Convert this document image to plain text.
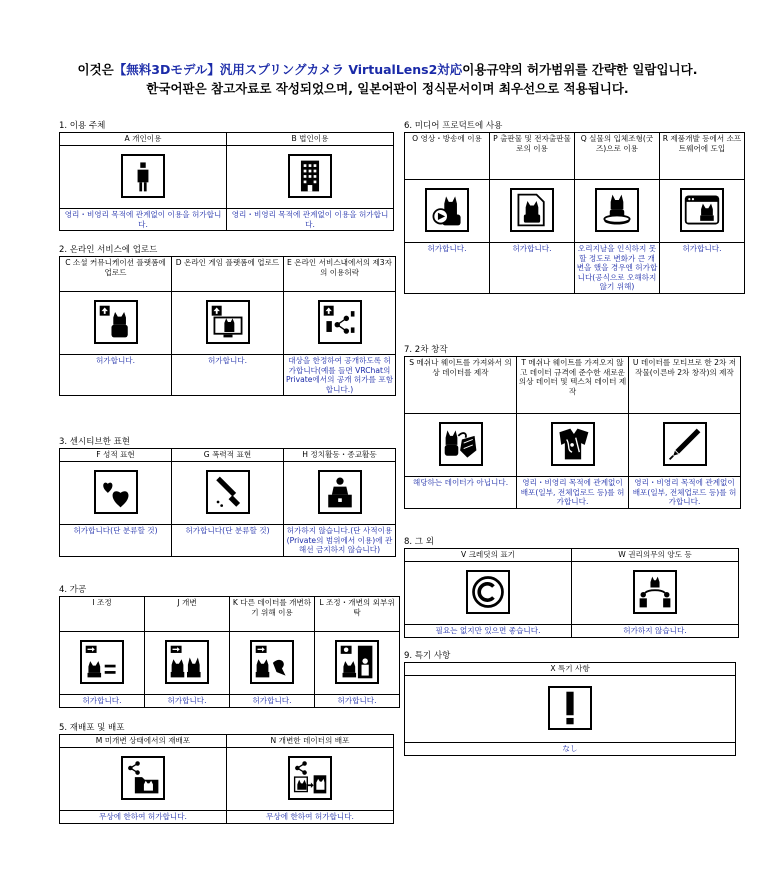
이것은【無料3Dモデル】汎用スプリングカメラ VirtualLens2対応이용규약의 허가범위를 간략한 일람입니다.
한국어판은 참고자료로 작성되었으며, 일본어판이 정식문서이며 최우선으로 적용됩니다.
1. 이용 주체
A 개인이용	B 법인이용

영리・비영리 목적에 관계없이 이용을 허가합니다.	영리・비영리 목적에 관계없이 이용을 허가합니다.
2. 온라인 서비스에 업로드
C 소셜 커뮤니케이션 플랫폼에 업로드	D 온라인 게임 플랫폼에 업로드	E 온라인 서비스내에서의 제3자의 이용허락

허가합니다.	허가합니다.	대상을 한정하여 공개하도록 허가합니다(예를 들면 VRChat의 Private에서의 공개 허가를 포함합니다.)
3. 센시티브한 표현
F 성적 표현	G 폭력적 표현	H 정치활동・종교활동

허가합니다(단 분류할 것)	허가합니다(단 분류할 것)	허가하지 않습니다.(단 사적이용(Private의 범위에서 이용)에 관해선 금지하지 않습니다)
4. 가공
I 조정	J 개변	K 다른 데이터를 개변하기 위해 이용	L 조정・개변의 외부위탁

허가합니다.	허가합니다.	허가합니다.	허가합니다.
5. 재배포 및 배포
M 미개변 상태에서의 재배포	N 개변한 데이터의 배포

무상에 한하여 허가합니다.	무상에 한하여 허가합니다.
6. 미디어 프로덕트에 사용
O 영상・방송에 이용	P 출판물 및 전자출판물로의 이용	Q 실물의 입체조형(굿즈)으로 이용	R 제품개발 등에서 소프트웨어에 도입

허가합니다.	허가합니다.	오리지날을 인식하지 못할 정도로 변화가 큰 개변을 했을 경우엔 허가합니다(공식으로 오해하지 않기 위해)	허가합니다.
7. 2차 창작
S 메쉬나 웨이트를 가져와서 의상 데이터를 제작	T 메쉬나 웨이트를 가져오지 않고 데이터 규격에 준수한 새로운 의상 데이터 및 텍스처 데이터 제작	U 데이터를 모티브로 한 2차 저작물(이른바 2차 창작)의 제작

해당하는 데이터가 아닙니다.	영리・비영리 목적에 관계없이 배포(일부, 전체업로드 등)를 허가합니다.	영리・비영리 목적에 관계없이 배포(일부, 전체업로드 등)를 허가합니다.
8. 그 외
V 크레딧의 표기	W 권리의무의 양도 등

필요는 없지만 있으면 좋습니다.	허가하지 않습니다.
9. 특기 사항
X 특기 사항

なし
